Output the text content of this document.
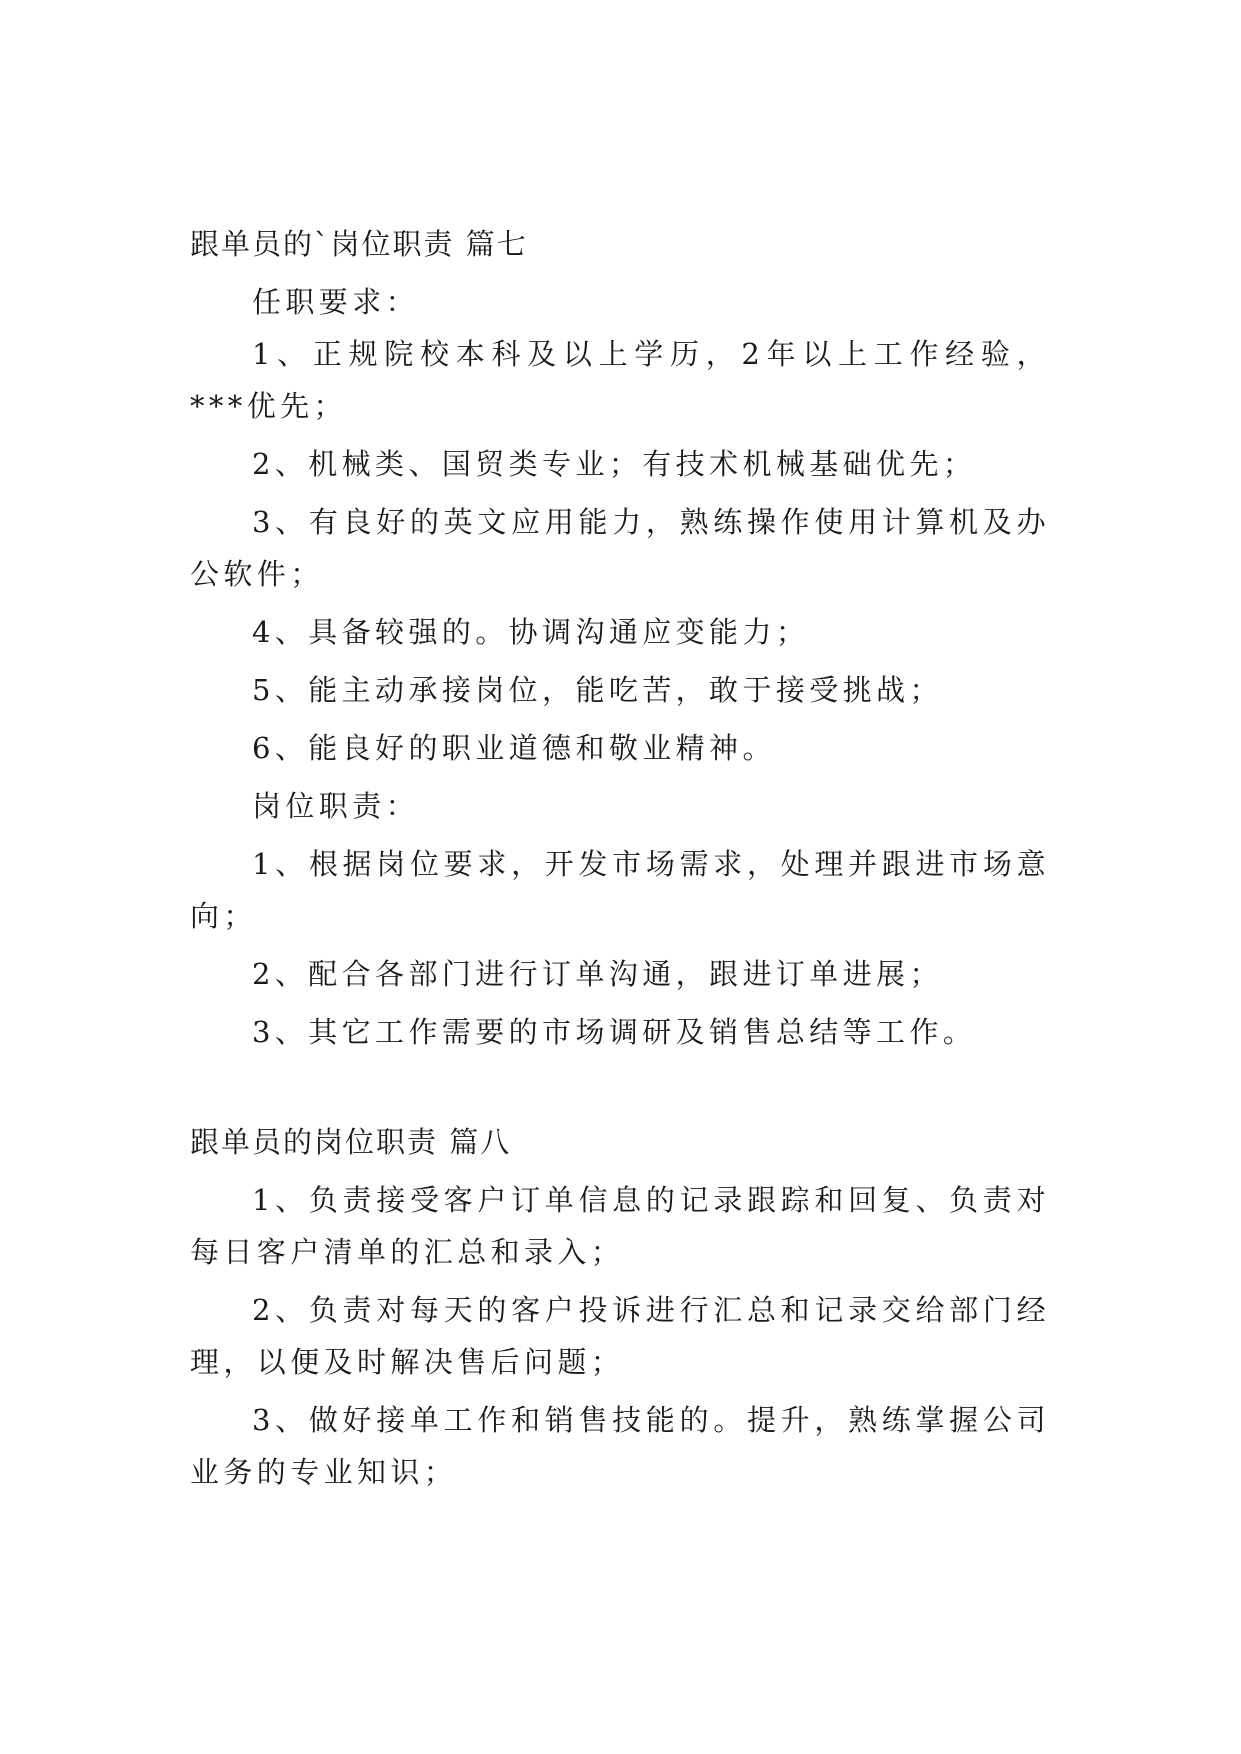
跟单员的`岗位职责 篇七

任职要求：

1、正规院校本科及以上学历，2年以上工作经验，***优先；

2、机械类、国贸类专业；有技术机械基础优先；

3、有良好的英文应用能力，熟练操作使用计算机及办公软件；

4、具备较强的。协调沟通应变能力；

5、能主动承接岗位，能吃苦，敢于接受挑战；

6、能良好的职业道德和敬业精神。

岗位职责：

1、根据岗位要求，开发市场需求，处理并跟进市场意向；

2、配合各部门进行订单沟通，跟进订单进展；

3、其它工作需要的市场调研及销售总结等工作。

跟单员的岗位职责 篇八

1、负责接受客户订单信息的记录跟踪和回复、负责对每日客户清单的汇总和录入；

2、负责对每天的客户投诉进行汇总和记录交给部门经理，以便及时解决售后问题；

3、做好接单工作和销售技能的。提升，熟练掌握公司业务的专业知识；
